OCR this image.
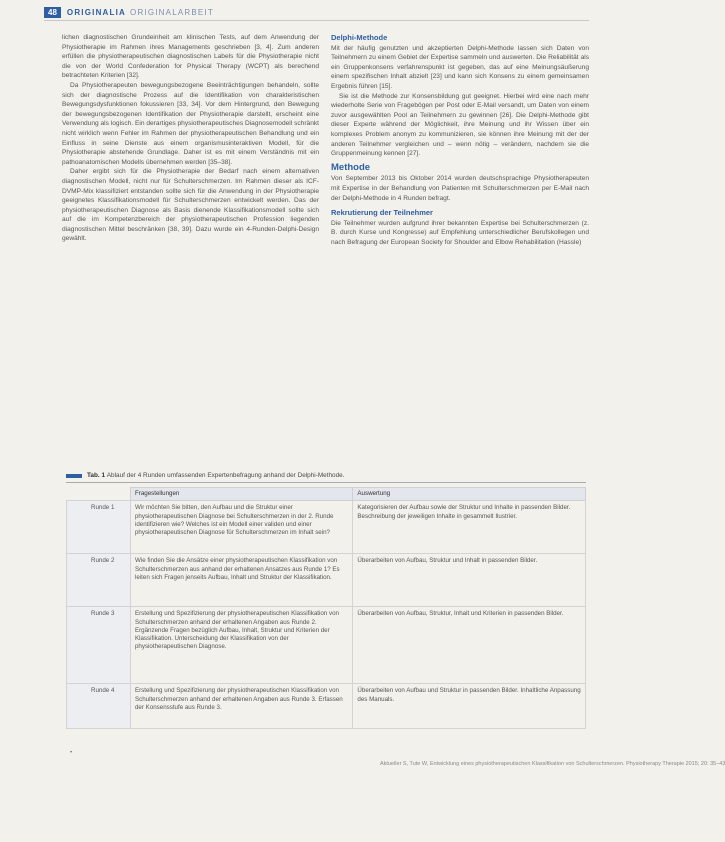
48	ORIGINALIA ORIGINALARBEIT

lichen diagnostischen Grundeinheit am klinischen Tests, auf dem Anwendung der Physiotherapie im Rahmen ihres Managements geschrieben [3, 4]. Zum anderen erfüllen die physiotherapeutischen diagnostischen Labels für die Physiotherapie nicht die von der World Confederation for Physical Therapy (WCPT) als berechend betrachteten Kriterien [32].

Da Physiotherapeuten bewegungsbezogene Beeinträchtigungen behandeln, sollte sich der diagnostische Prozess auf die Identifikation von charakteristischen Bewegungsdysfunktionen fokussieren [33, 34]. Vor dem Hintergrund, den Bewegung der bewegungsbezogenen Identifikation der Physiotherapie darstellt, erscheint eine Verwendung als logisch. Ein derartiges physiotherapeutisches Diagnosemodell schränkt nicht wirklich wenn Fehler im Rahmen der physiotherapeutischen Behandlung und ein Einfluss in seine Dienste aus einem organismusinteraktiven Modell, für die Physiotherapie abstehende Grundlage. Daher ist es mit einem Verständnis mit ein pathoanatomischen Modells übernehmen werden [35–38].

Daher ergibt sich für die Physiotherapie der Bedarf nach einem alternativen diagnostischen Modell, nicht nur für Schulterschmerzen. Im Rahmen dieser als ICF-DVMP-Mix klassifiziert entstanden sollte sich für die Anwendung in der Physiotherapie geeignetes Klassifikationsmodell für Schulterschmerzen entwickelt werden. Das der physiotherapeutischen Diagnose als Basis dienende Klassifikationsmodell sollte sich auf die im Kompetenzbereich der physiotherapeutischen Profession liegenden diagnostischen Mittel beschränken [38, 39]. Dazu wurde ein 4-Runden-Delphi-Design gewählt.

Delphi-Methode

Mit der häufig genutzten und akzeptierten Delphi-Methode lassen sich Daten von Teilnehmern zu einem Gebiet der Expertise sammeln und auswerten. Die Reliabilität als ein Gruppenkonsens verfahrenspunkt ist gegeben, das auf eine Meinungsäußerung einem spezifischen Inhalt abzielt [23] und kann sich Konsens zu einem gemeinsamen Ergebnis führen [15].

Sie ist die Methode zur Konsensbildung gut geeignet. Hierbei wird eine nach mehr wiederholte Serie von Fragebögen per Post oder E-Mail versandt, um Daten von einem zuvor ausgewählten Pool an Teilnehmern zu gewinnen [26]. Die Delphi-Methode gibt dieser Experte während der Möglichkeit, ihre Meinung und ihr Wissen über ein komplexes Problem anonym zu kommunizieren, sie können ihre Meinung mit der der anderen Teilnehmer vergleichen und – wenn nötig – verändern, nachdem sie die Gruppenmeinung kennen [27].

Methode

Von September 2013 bis Oktober 2014 wurden deutschsprachige Physiotherapeuten mit Expertise in der Behandlung von Patienten mit Schulterschmerzen per E-Mail nach der Delphi-Methode in 4 Runden befragt.

Rekrutierung der Teilnehmer

Die Teilnehmer wurden aufgrund ihrer bekannten Expertise bei Schulterschmerzen (z. B. durch Kurse und Kongresse) auf Empfehlung unterschiedlicher Berufskollegen und nach Befragung der European Society for Shoulder and Elbow Rehabilitation (Hassle)

Tab. 1
Ablauf der 4 Runden umfassenden Expertenbefragung anhand der Delphi-Methode.
	Fragestellungen	Auswertung
Runde 1	Wir möchten Sie bitten, den Aufbau und die Struktur einer physiotherapeutischen Diagnose bei Schulterschmerzen in der 2. Runde identifizieren wie? Welches ist ein Modell einer validen und einer physiotherapeutischen Diagnose für Schulterschmerzen im Inhalt sein?	Kategorisieren der Aufbau sowie der Struktur und Inhalte in passenden Bilder. Beschreibung der jeweiligen Inhalte in gesammelt Ilustrier.
Runde 2	Wie finden Sie die Ansätze einer physiotherapeutischen Klassifikation von Schulterschmerzen aus anhand der erhaltenen Ansatzes aus Runde 1? Es leiten sich Fragen jenseits Aufbau, Inhalt und Struktur der Klassifikation.	Überarbeiten von Aufbau, Struktur und Inhalt in passenden Bilder.
Runde 3	Erstellung und Spezifizierung der physiotherapeutischen Klassifikation von Schulterschmerzen anhand der erhaltenen Angaben aus Runde 2. Ergänzende Fragen bezüglich Aufbau, Inhalt, Struktur und Kriterien der Klassifikation. Unterscheidung der Klassifikation von der physiotherapeutischen Diagnose.	Überarbeiten von Aufbau, Struktur, Inhalt und Kriterien in passenden Bilder.
Runde 4	Erstellung und Spezifizierung der physiotherapeutischen Klassifikation von Schulterschmerzen anhand der erhaltenen Angaben aus Runde 3. Erfassen der Konsensstufe aus Runde 3.	Überarbeiten von Aufbau und Struktur in passenden Bilder. Inhaltliche Anpassung des Manuals.
•
Aktueller S, Tute W, Entwicklung eines physiotherapeutischen Klassifikation von Schulterschmerzen. Physiotherapy Therapie 2015; 20: 35–43
